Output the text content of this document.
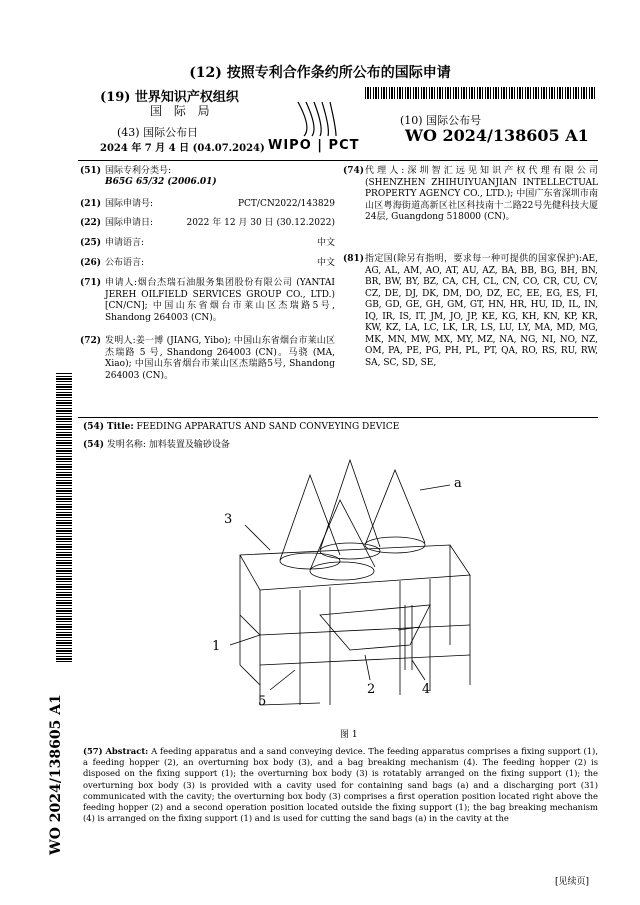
(12) 按照专利合作条约所公布的国际申请
(19) 世界知识产权组织
国 际 局
WIPO | PCT
(10) 国际公布号
WO 2024/138605 A1
(43) 国际公布日
2024 年 7 月 4 日 (04.07.2024)
(51) 国际专利分类号:
B65G 65/32 (2006.01)
(21) 国际申请号:	PCT/CN2022/143829
(22) 国际申请日:	2022 年 12 月 30 日 (30.12.2022)
(25) 申请语言:	中文
(26) 公布语言:	中文
(71) 申请人:烟台杰瑞石油服务集团股份有限公司 (YANTAI JEREH OILFIELD SERVICES GROUP CO., LTD.) [CN/CN]; 中国山东省烟台市莱山区杰瑞路5号, Shandong 264003 (CN)。
(72) 发明人:姜一博 (JIANG, Yibo); 中国山东省烟台市莱山区杰瑞路 5 号, Shandong 264003 (CN)。马骁 (MA, Xiao); 中国山东省烟台市莱山区杰瑞路5号, Shandong 264003 (CN)。
(74) 代理人:深圳智汇远见知识产权代理有限公司 (SHENZHEN ZHIHUIYUANJIAN INTELLECTUAL PROPERTY AGENCY CO., LTD.); 中国广东省深圳市南山区粤海街道高新区社区科技南十二路22号先健科技大厦24层, Guangdong 518000 (CN)。
(81) 指定国(除另有指明，要求每一种可提供的国家保护):AE, AG, AL, AM, AO, AT, AU, AZ, BA, BB, BG, BH, BN, BR, BW, BY, BZ, CA, CH, CL, CN, CO, CR, CU, CV, CZ, DE, DJ, DK, DM, DO, DZ, EC, EE, EG, ES, FI, GB, GD, GE, GH, GM, GT, HN, HR, HU, ID, IL, IN, IQ, IR, IS, IT, JM, JO, JP, KE, KG, KH, KN, KP, KR, KW, KZ, LA, LC, LK, LR, LS, LU, LY, MA, MD, MG, MK, MN, MW, MX, MY, MZ, NA, NG, NI, NO, NZ, OM, PA, PE, PG, PH, PL, PT, QA, RO, RS, RU, RW, SA, SC, SD, SE,
WO 2024/138605 A1
(54) Title: FEEDING APPARATUS AND SAND CONVEYING DEVICE
(54) 发明名称: 加料装置及输砂设备
a
3
1
5
2	4
图 1
(57) Abstract: A feeding apparatus and a sand conveying device. The feeding apparatus comprises a fixing support (1), a feeding hopper (2), an overturning box body (3), and a bag breaking mechanism (4). The feeding hopper (2) is disposed on the fixing support (1); the overturning box body (3) is rotatably arranged on the fixing support (1); the overturning box body (3) is provided with a cavity used for containing sand bags (a) and a discharging port (31) communicated with the cavity; the overturning box body (3) comprises a first operation position located right above the feeding hopper (2) and a second operation position located outside the fixing support (1); the bag breaking mechanism (4) is arranged on the fixing support (1) and is used for cutting the sand bags (a) in the cavity at the
[见续页]
